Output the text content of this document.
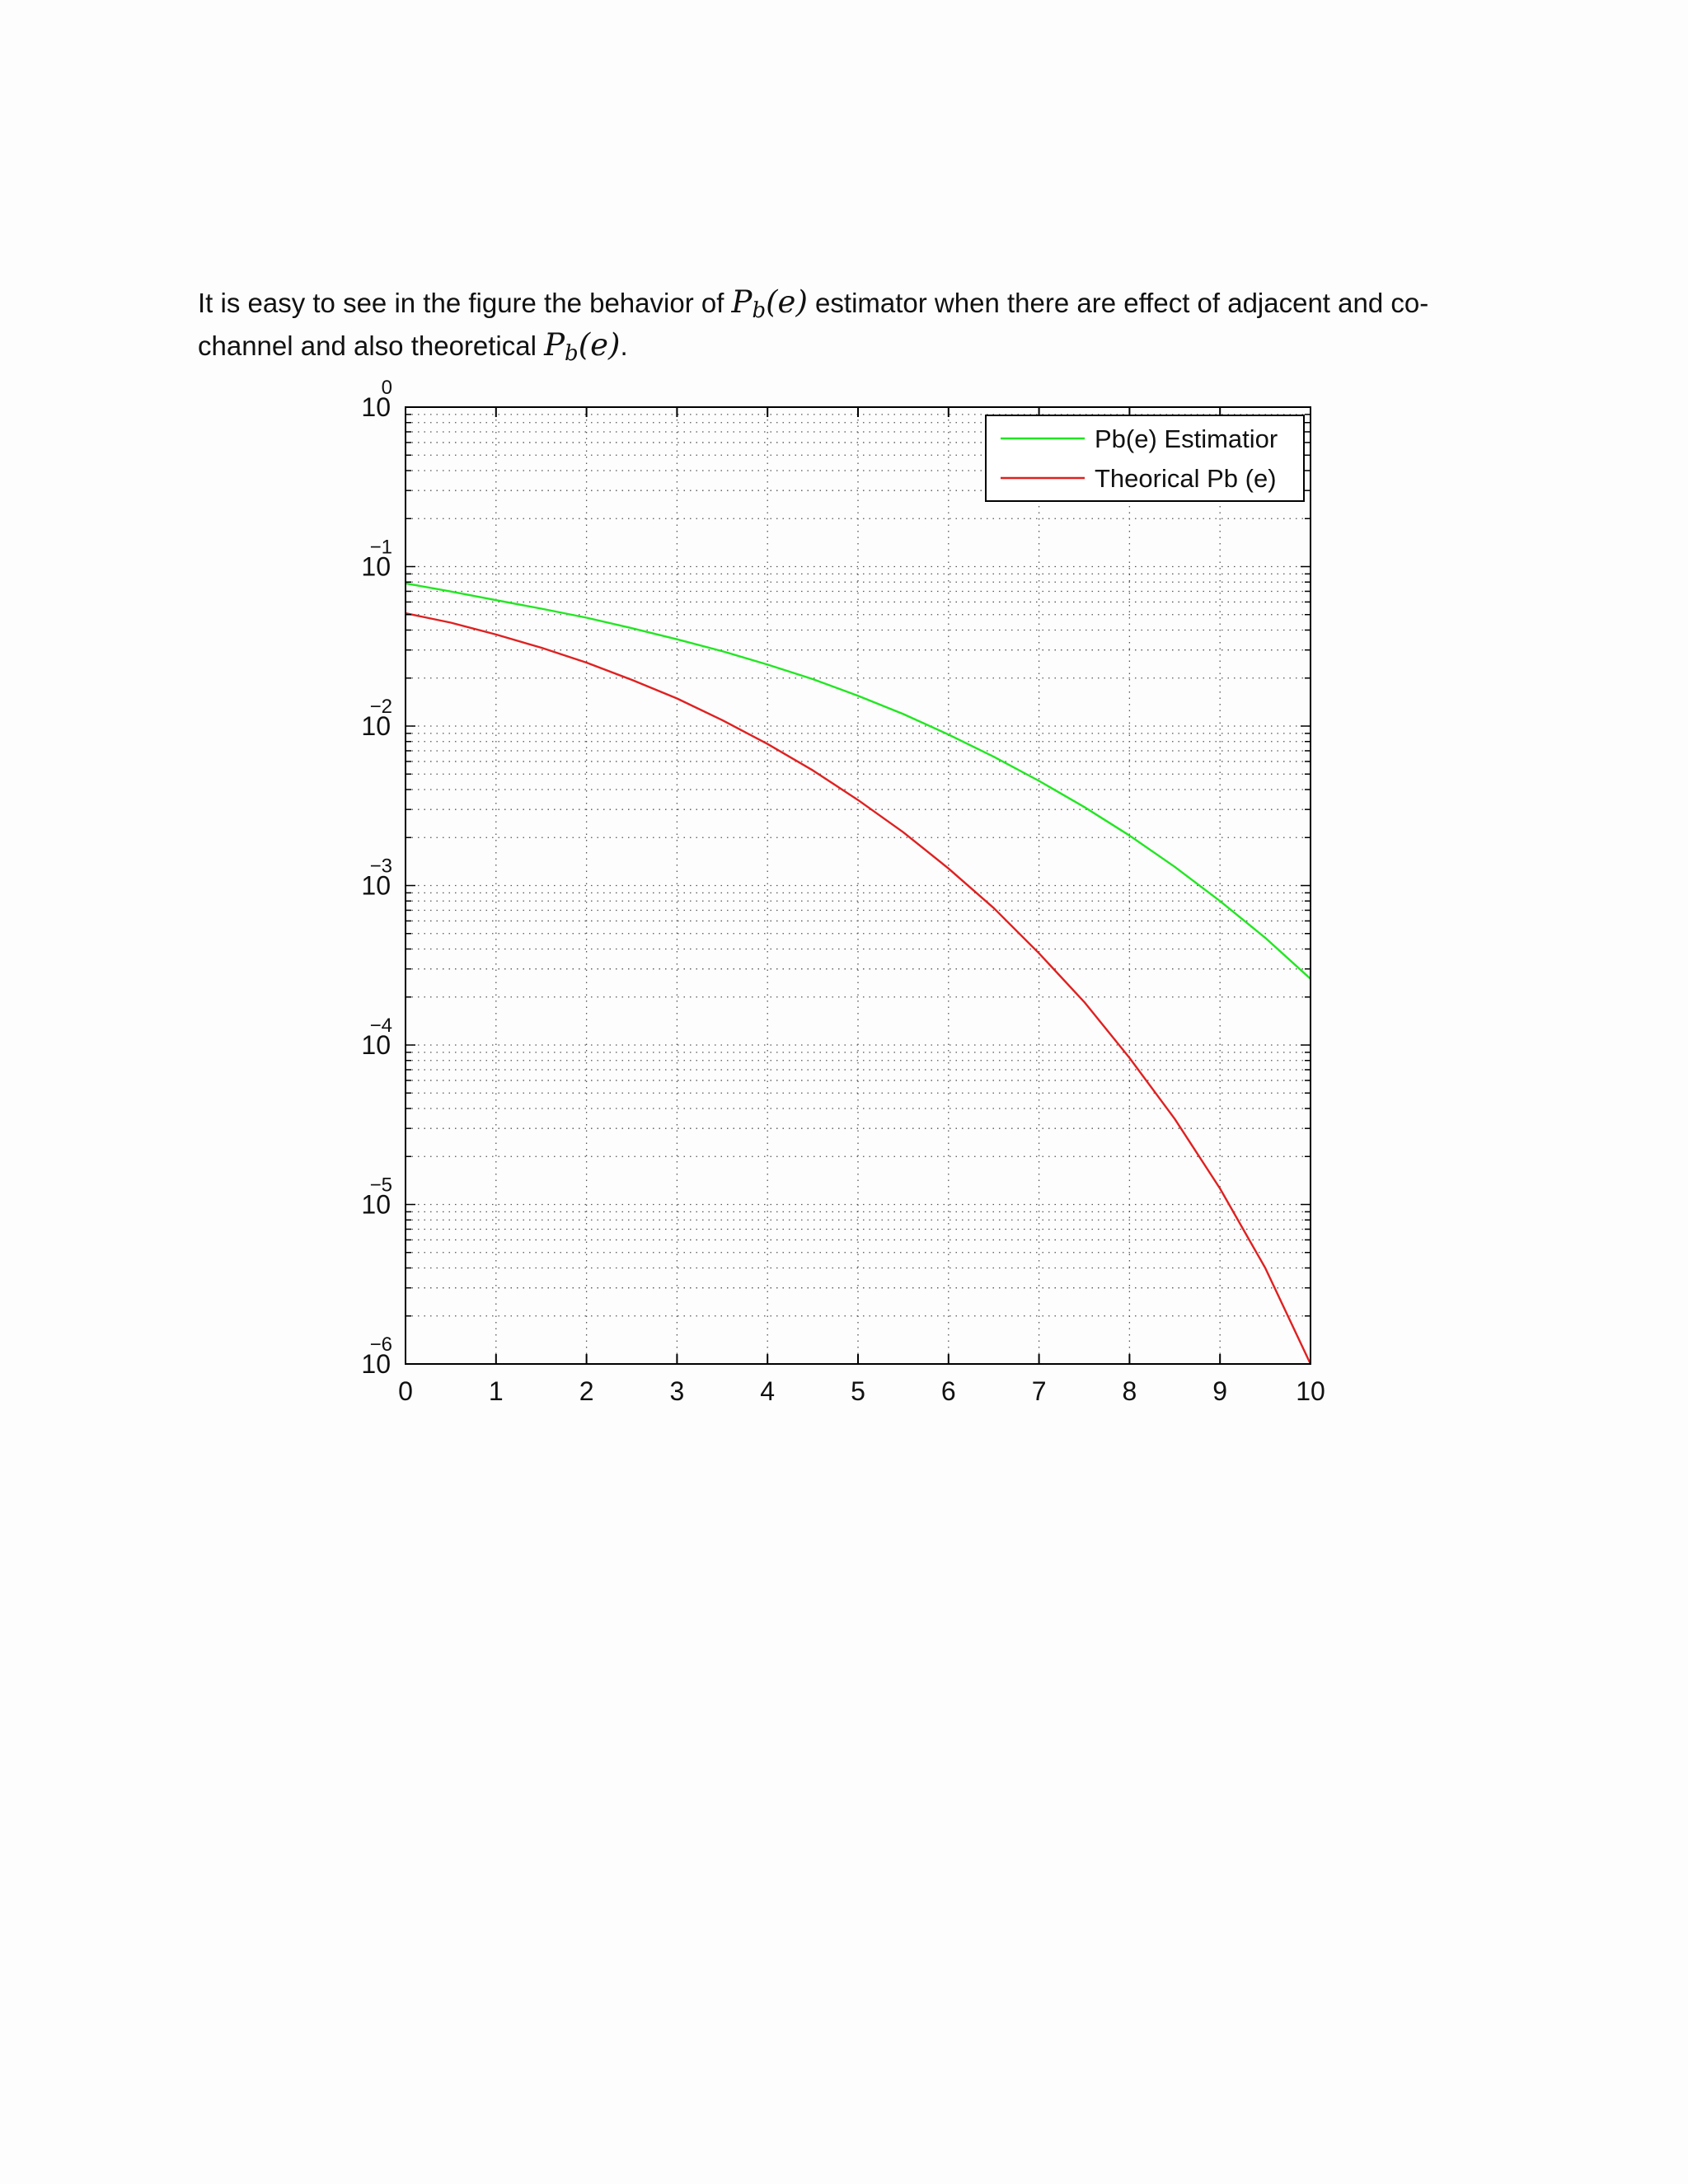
It is easy to see in the figure the behavior of $P_b(e)$ estimator when there are effect of adjacent and co-channel and also theoretical $P_b(e)$.

0	1	2	3	4	5	6	7	8	9	10
10
0
10
−1
10
−2
10
−3
10
−4
10
−5
10
−6
Pb(e) Estimatior
Theorical Pb (e)
